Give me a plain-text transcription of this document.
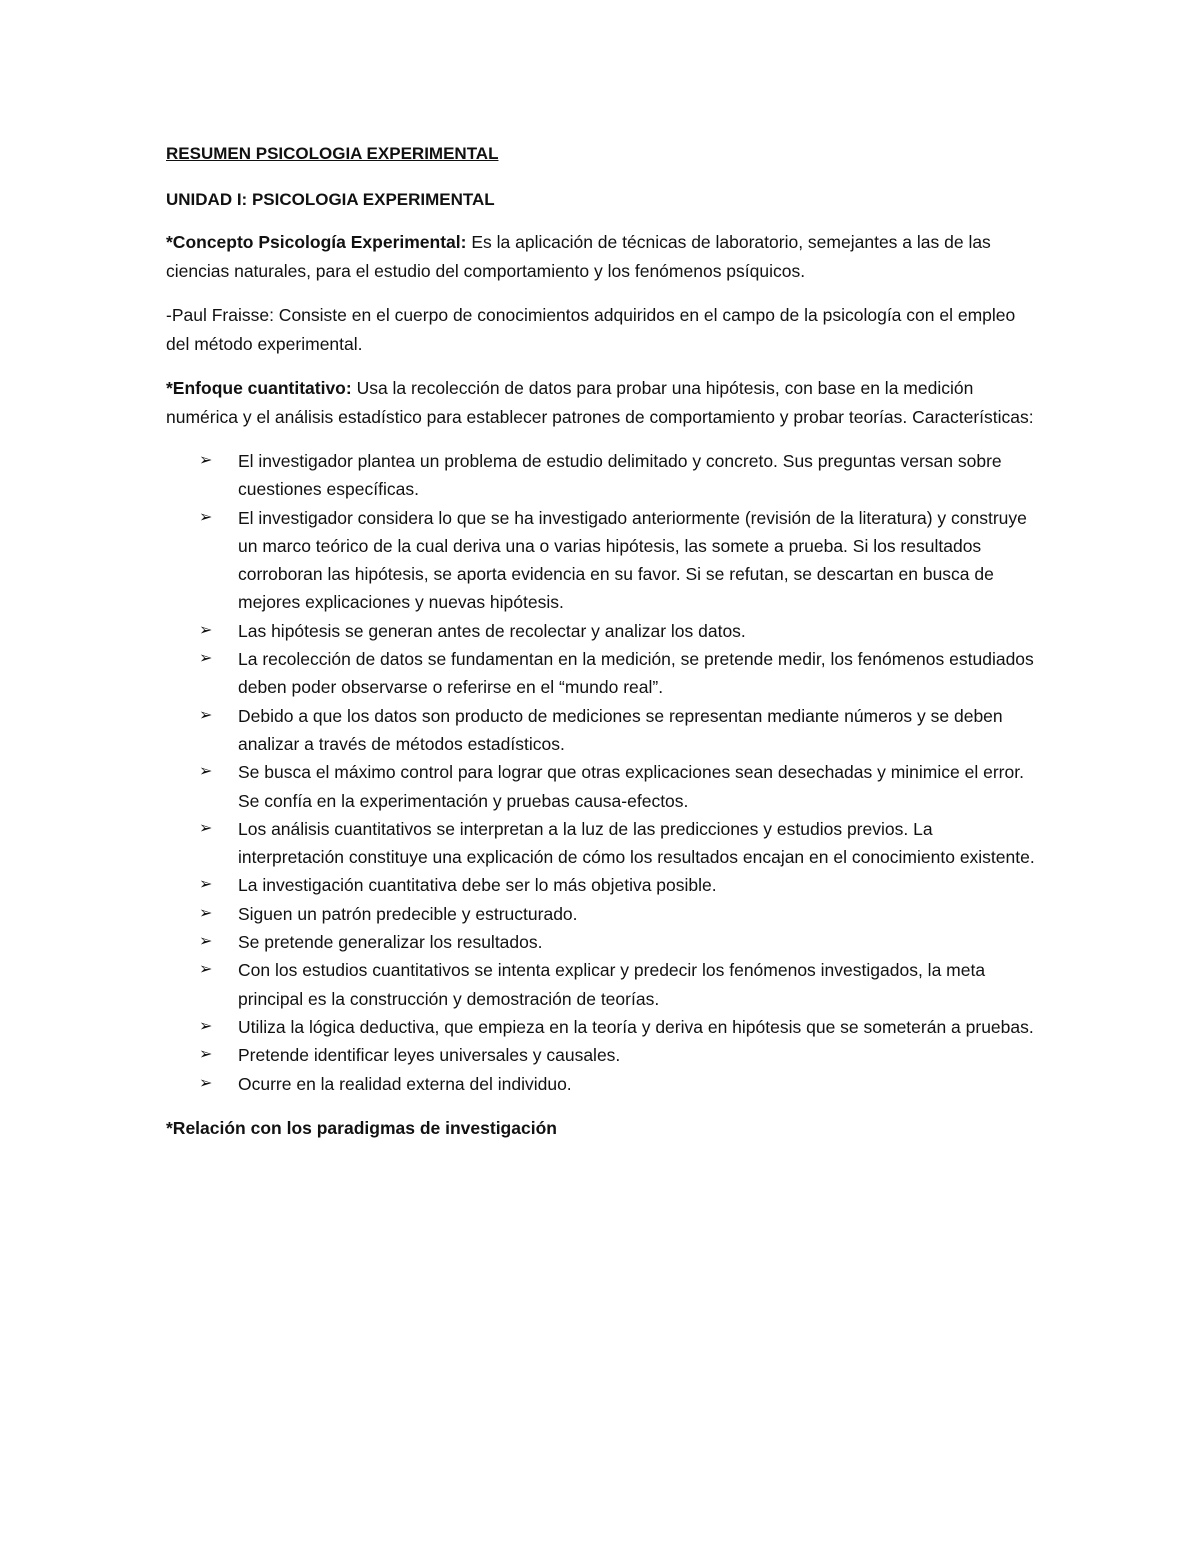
RESUMEN PSICOLOGIA EXPERIMENTAL
UNIDAD I: PSICOLOGIA EXPERIMENTAL

*Concepto Psicología Experimental: Es la aplicación de técnicas de laboratorio, semejantes a las de las ciencias naturales, para el estudio del comportamiento y los fenómenos psíquicos.

-Paul Fraisse: Consiste en el cuerpo de conocimientos adquiridos en el campo de la psicología con el empleo del método experimental.

*Enfoque cuantitativo: Usa la recolección de datos para probar una hipótesis, con base en la medición numérica y el análisis estadístico para establecer patrones de comportamiento y probar teorías. Características:

➢ El investigador plantea un problema de estudio delimitado y concreto. Sus preguntas versan sobre cuestiones específicas.
➢ El investigador considera lo que se ha investigado anteriormente (revisión de la literatura) y construye un marco teórico de la cual deriva una o varias hipótesis, las somete a prueba. Si los resultados corroboran las hipótesis, se aporta evidencia en su favor. Si se refutan, se descartan en busca de mejores explicaciones y nuevas hipótesis.
➢ Las hipótesis se generan antes de recolectar y analizar los datos.
➢ La recolección de datos se fundamentan en la medición, se pretende medir, los fenómenos estudiados deben poder observarse o referirse en el “mundo real”.
➢ Debido a que los datos son producto de mediciones se representan mediante números y se deben analizar a través de métodos estadísticos.
➢ Se busca el máximo control para lograr que otras explicaciones sean desechadas y minimice el error. Se confía en la experimentación y pruebas causa-efectos.
➢ Los análisis cuantitativos se interpretan a la luz de las predicciones y estudios previos. La interpretación constituye una explicación de cómo los resultados encajan en el conocimiento existente.
➢ La investigación cuantitativa debe ser lo más objetiva posible.
➢ Siguen un patrón predecible y estructurado.
➢ Se pretende generalizar los resultados.
➢ Con los estudios cuantitativos se intenta explicar y predecir los fenómenos investigados, la meta principal es la construcción y demostración de teorías.
➢ Utiliza la lógica deductiva, que empieza en la teoría y deriva en hipótesis que se someterán a pruebas.
➢ Pretende identificar leyes universales y causales.
➢ Ocurre en la realidad externa del individuo.

*Relación con los paradigmas de investigación
